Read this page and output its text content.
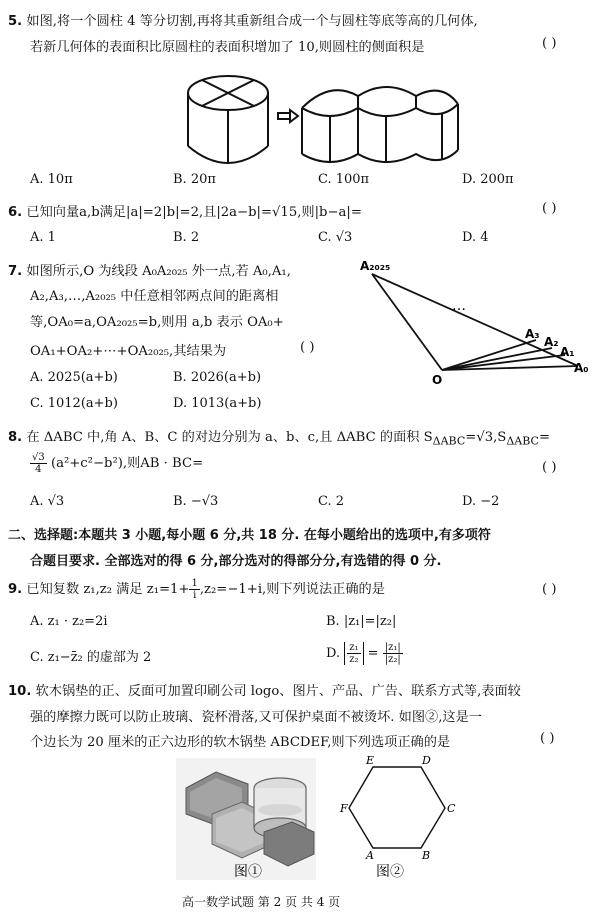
5. 如图,将一个圆柱 4 等分切割,再将其重新组合成一个与圆柱等底等高的几何体,
若新几何体的表面积比原圆柱的表面积增加了 10,则圆柱的侧面积是	( )
A. 10π	B. 20π	C. 100π	D. 200π
6. 已知向量a,b满足|a|=2|b|=2,且|2a−b|=√15,则|b−a|=	( )
A. 1	B. 2	C. √3	D. 4
7. 如图所示,O 为线段 A₀A₂₀₂₅ 外一点,若 A₀,A₁,
A₂,A₃,…,A₂₀₂₅ 中任意相邻两点间的距离相
等,OA₀=a,OA₂₀₂₅=b,则用 a,b 表示 OA₀+
OA₁+OA₂+⋯+OA₂₀₂₅,其结果为	( )
A. 2025(a+b)	B. 2026(a+b)
C. 1012(a+b)	D. 1013(a+b)
A₂₀₂₅
…
A₃
A₂
A₁
A₀
O
8. 在 ΔABC 中,角 A、B、C 的对边分别为 a、b、c,且 ΔABC 的面积 $S_{\Delta ABC}=√3,S_{\Delta ABC}=$
$\frac{√3}{4} (a^2+c^2-b^2)$,则AB · BC=	( )
A. √3	B. −√3	C. 2	D. −2
二、选择题:本题共 3 小题,每小题 6 分,共 18 分. 在每小题给出的选项中,有多项符
合题目要求. 全部选对的得 6 分,部分选对的得部分分,有选错的得 0 分.
9. 已知复数 z₁,z₂ 满足 $z_1=1+ \frac{1}{i} ,z_2=-1+i$,则下列说法正确的是	( )
A. z₁ · z₂=2i	B. |z₁|=|z₂|
C. z₁−z̄₂ 的虚部为 2	D. $\frac{\text{z₁}}{\text{z₂}} = \frac{\text{|z₁|}}{\text{|z₂|}}$
10. 软木锅垫的正、反面可加置印刷公司 logo、图片、产品、广告、联系方式等,表面较
强的摩擦力既可以防止玻璃、瓷杯滑落,又可保护桌面不被烫坏. 如图②,这是一
个边长为 20 厘米的正六边形的软木锅垫 ABCDEF,则下列选项正确的是	( )
图①
E	D
F	C
A	B
图②
高一数学试题 第 2 页 共 4 页
